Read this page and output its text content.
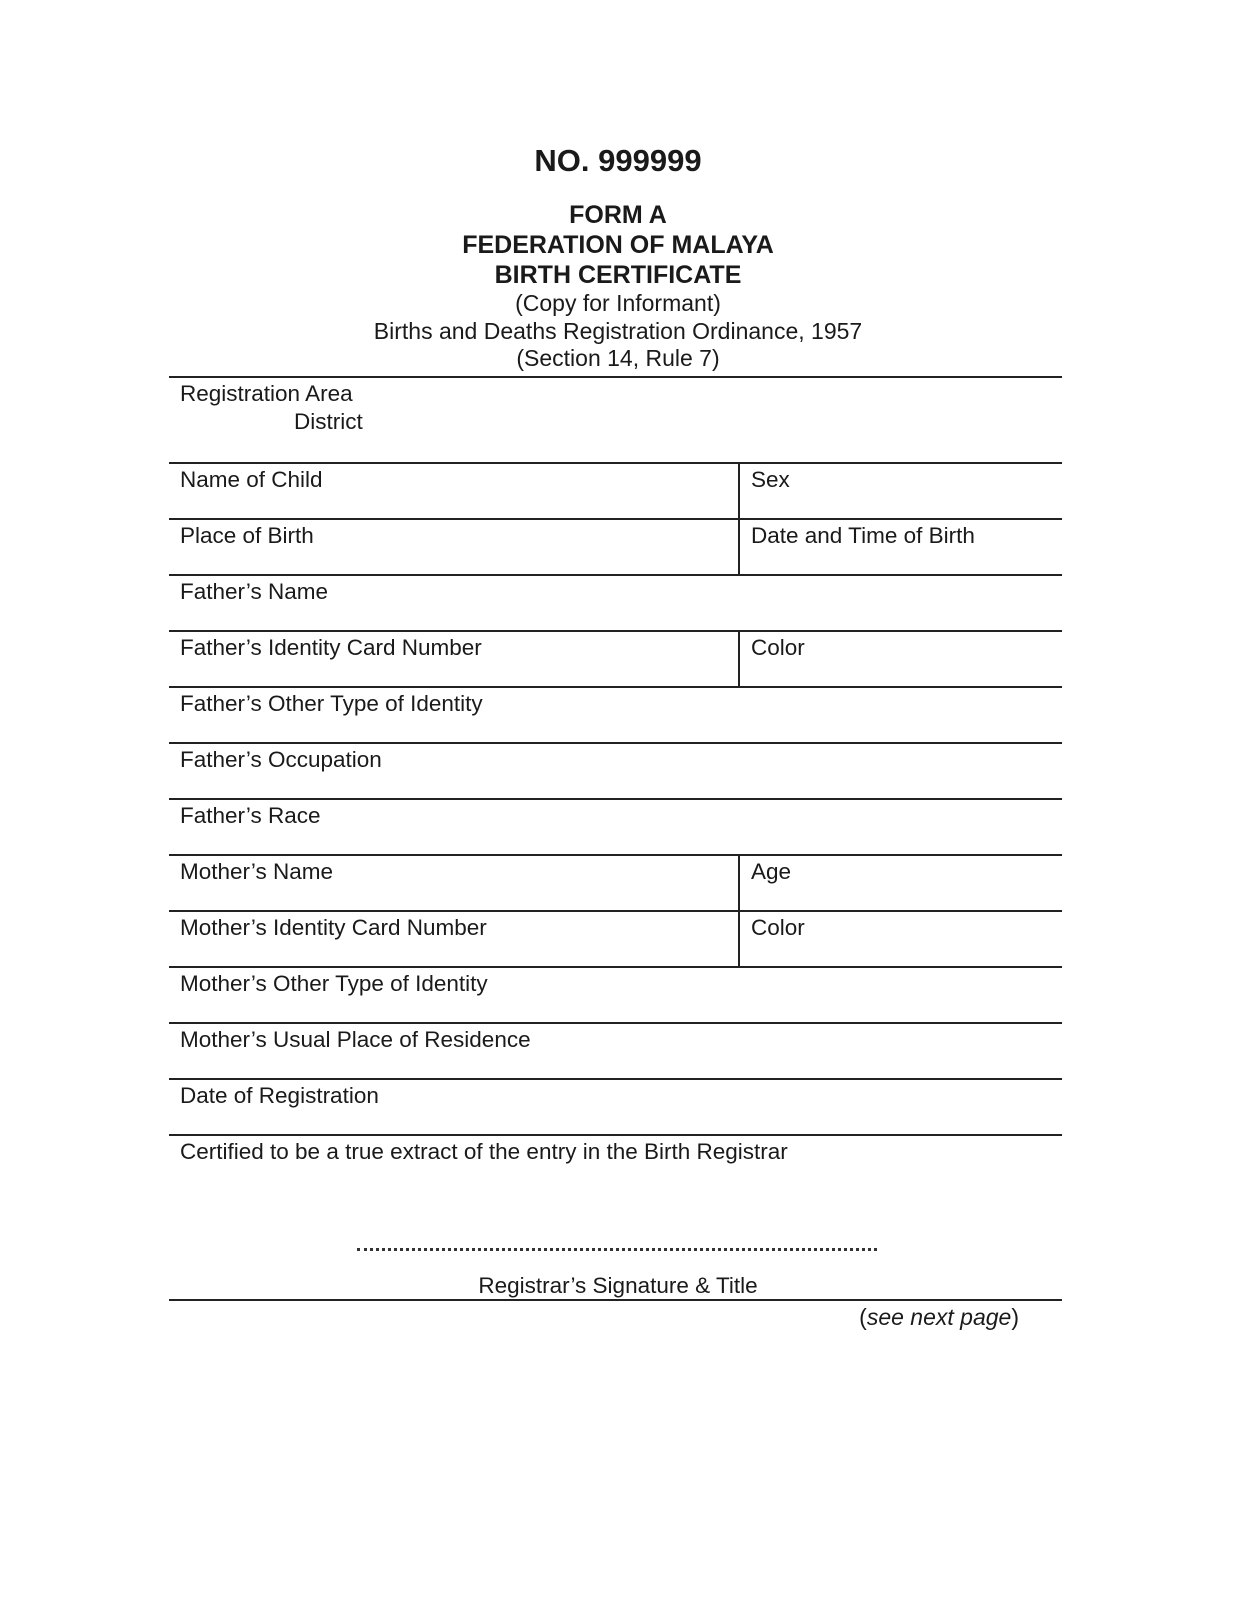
NO. 999999
FORM A
FEDERATION OF MALAYA
BIRTH CERTIFICATE
(Copy for Informant)
Births and Deaths Registration Ordinance, 1957
(Section 14, Rule 7)
Registration Area
District
Name of Child	Sex
Place of Birth	Date and Time of Birth
Father’s Name
Father’s Identity Card Number	Color
Father’s Other Type of Identity
Father’s Occupation
Father’s Race
Mother’s Name	Age
Mother’s Identity Card Number	Color
Mother’s Other Type of Identity
Mother’s Usual Place of Residence
Date of Registration
Certified to be a true extract of the entry in the Birth Registrar
Registrar’s Signature & Title
(see next page)
